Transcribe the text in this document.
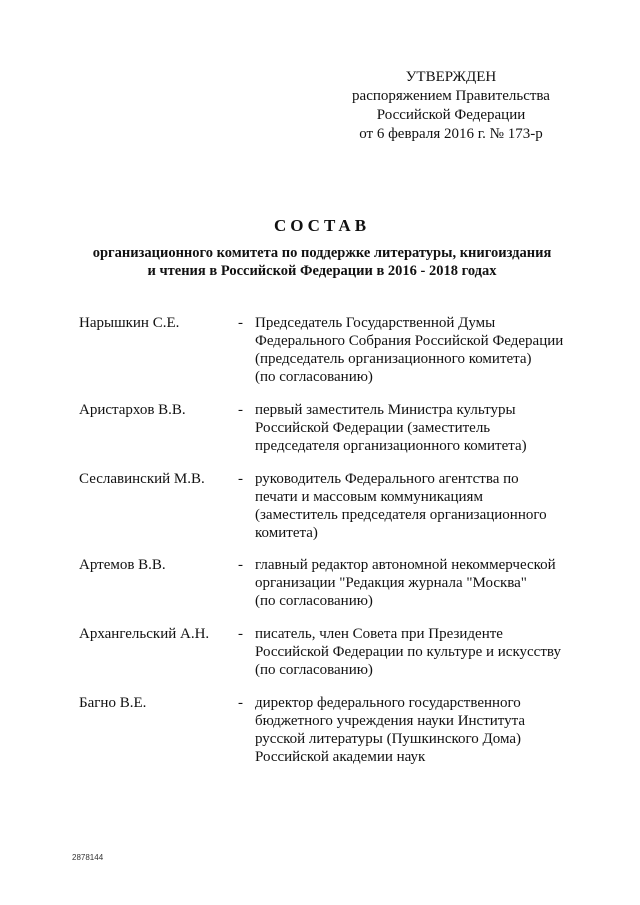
УТВЕРЖДЕН
распоряжением Правительства
Российской Федерации
от 6 февраля 2016 г. № 173-р
СОСТАВ
организационного комитета по поддержке литературы, книгоиздания
и чтения в Российской Федерации в 2016 - 2018 годах
Нарышкин С.Е.	- Председатель Государственной Думы
Федерального Собрания Российской Федерации
(председатель организационного комитета)
(по согласованию)
Аристархов В.В.	- первый заместитель Министра культуры
Российской Федерации (заместитель
председателя организационного комитета)
Сеславинский М.В. - руководитель Федерального агентства по
печати и массовым коммуникациям
(заместитель председателя организационного
комитета)
Артемов В.В.	- главный редактор автономной некоммерческой
организации "Редакция журнала "Москва"
(по согласованию)
Архангельский А.Н. - писатель, член Совета при Президенте
Российской Федерации по культуре и искусству
(по согласованию)
Багно В.Е.	- директор федерального государственного
бюджетного учреждения науки Института
русской литературы (Пушкинского Дома)
Российской академии наук
2878144
